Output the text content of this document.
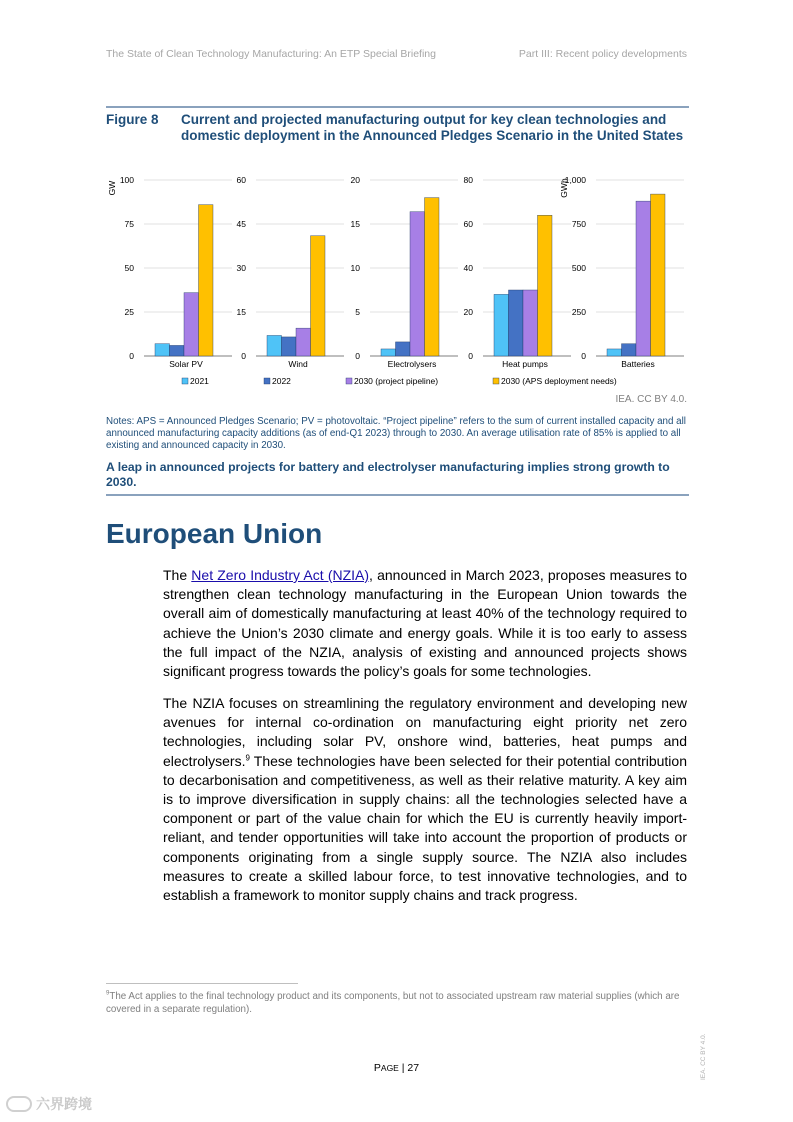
The State of Clean Technology Manufacturing: An ETP Special Briefing	Part III: Recent policy developments
Figure 8 Current and projected manufacturing output for key clean technologies and domestic deployment in the Announced Pledges Scenario in the United States
100
75
50
25
0
GW
Solar PV
60
45
30
15
0
Wind
20
15
10
5
0
Electrolysers
80
60
40
20
0
Heat pumps
1,000
750
500
250
0
GWh
Batteries
2021	2022	2030 (project pipeline)	2030 (APS deployment needs)
IEA. CC BY 4.0.
Notes: APS = Announced Pledges Scenario; PV = photovoltaic. “Project pipeline” refers to the sum of current installed capacity and all announced manufacturing capacity additions (as of end-Q1 2023) through to 2030. An average utilisation rate of 85% is applied to all existing and announced capacity in 2030.
A leap in announced projects for battery and electrolyser manufacturing implies strong growth to 2030.
European Union

The Net Zero Industry Act (NZIA), announced in March 2023, proposes measures to strengthen clean technology manufacturing in the European Union towards the overall aim of domestically manufacturing at least 40% of the technology required to achieve the Union’s 2030 climate and energy goals. While it is too early to assess the full impact of the NZIA, analysis of existing and announced projects shows significant progress towards the policy’s goals for some technologies.

The NZIA focuses on streamlining the regulatory environment and developing new avenues for internal co-ordination on manufacturing eight priority net zero technologies, including solar PV, onshore wind, batteries, heat pumps and electrolysers.$^9$ These technologies have been selected for their potential contribution to decarbonisation and competitiveness, as well as their relative maturity. A key aim is to improve diversification in supply chains: all the technologies selected have a component or part of the value chain for which the EU is currently heavily import-reliant, and tender opportunities will take into account the proportion of products or components originating from a single supply source. The NZIA also includes measures to create a skilled labour force, to test innovative technologies, and to establish a framework to monitor supply chains and track progress.

$^9$The Act applies to the final technology product and its components, but not to associated upstream raw material supplies (which are covered in a separate regulation).
PAGE | 27	IEA. CC BY 4.0.
六界跨境
